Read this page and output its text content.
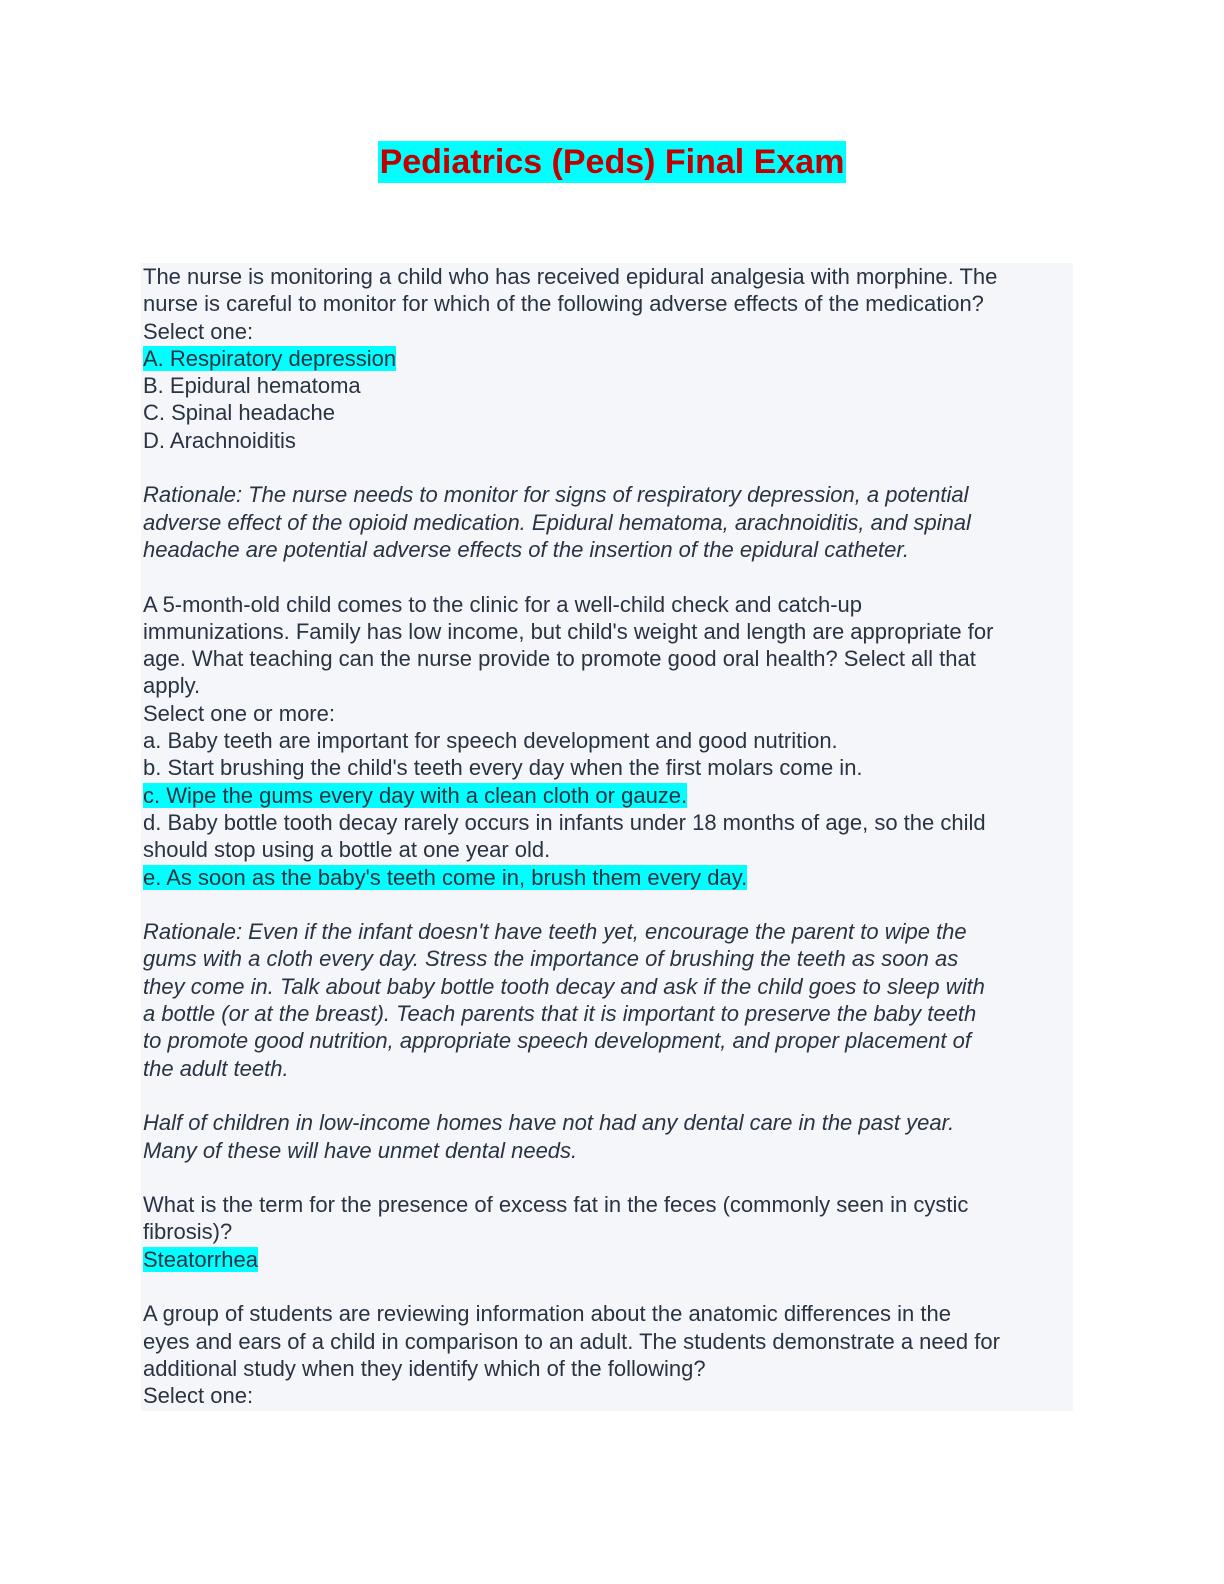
Pediatrics (Peds) Final Exam
The nurse is monitoring a child who has received epidural analgesia with morphine. The
nurse is careful to monitor for which of the following adverse effects of the medication?
Select one:
A. Respiratory depression
B. Epidural hematoma
C. Spinal headache
D. Arachnoiditis
Rationale: The nurse needs to monitor for signs of respiratory depression, a potential
adverse effect of the opioid medication. Epidural hematoma, arachnoiditis, and spinal
headache are potential adverse effects of the insertion of the epidural catheter.
A 5-month-old child comes to the clinic for a well-child check and catch-up
immunizations. Family has low income, but child's weight and length are appropriate for
age. What teaching can the nurse provide to promote good oral health? Select all that
apply.
Select one or more:
a. Baby teeth are important for speech development and good nutrition.
b. Start brushing the child's teeth every day when the first molars come in.
c. Wipe the gums every day with a clean cloth or gauze.
d. Baby bottle tooth decay rarely occurs in infants under 18 months of age, so the child
should stop using a bottle at one year old.
e. As soon as the baby's teeth come in, brush them every day.
Rationale: Even if the infant doesn't have teeth yet, encourage the parent to wipe the
gums with a cloth every day. Stress the importance of brushing the teeth as soon as
they come in. Talk about baby bottle tooth decay and ask if the child goes to sleep with
a bottle (or at the breast). Teach parents that it is important to preserve the baby teeth
to promote good nutrition, appropriate speech development, and proper placement of
the adult teeth.
Half of children in low-income homes have not had any dental care in the past year.
Many of these will have unmet dental needs.
What is the term for the presence of excess fat in the feces (commonly seen in cystic
fibrosis)?
Steatorrhea
A group of students are reviewing information about the anatomic differences in the
eyes and ears of a child in comparison to an adult. The students demonstrate a need for
additional study when they identify which of the following?
Select one:
